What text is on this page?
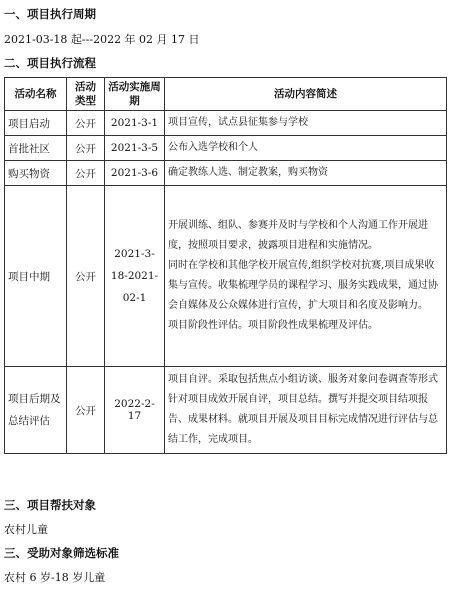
一、项目执行周期
2021-03-18 起---2022 年 02 月 17 日
二、项目执行流程
活动名称	活动类型	活动实施周期	活动内容简述
项目启动	公开	2021-3-1	项目宣传，试点县征集参与学校

首批社区	公开	2021-3-5	公布入选学校和个人

购买物资	公开	2021-3-6	确定教练人选、制定教案，购买物资

项目中期	公开	2021-3-18-2021-02-1	开展训练、组队、参赛并及时与学校和个人沟通工作开展进度，按照项目要求，披露项目进程和实施情况。
同时在学校和其他学校开展宣传,组织学校对抗赛,项目成果收集与宣传。收集梳理学员的课程学习、服务实践成果，通过协会自媒体及公众媒体进行宣传，扩大项目和名度及影响力。
项目阶段性评估。项目阶段性成果梳理及评估。

项目后期及总结评估	公开	2022-2-17	项目自评。采取包括焦点小组访谈、服务对象问卷调查等形式针对项目成效开展自评，项目总结。撰写并提交项目结项报告、成果材料。就项目开展及项目目标完成情况进行评估与总结工作，完成项目。
三、项目帮扶对象
农村儿童
三、受助对象筛选标准
农村 6 岁-18 岁儿童
